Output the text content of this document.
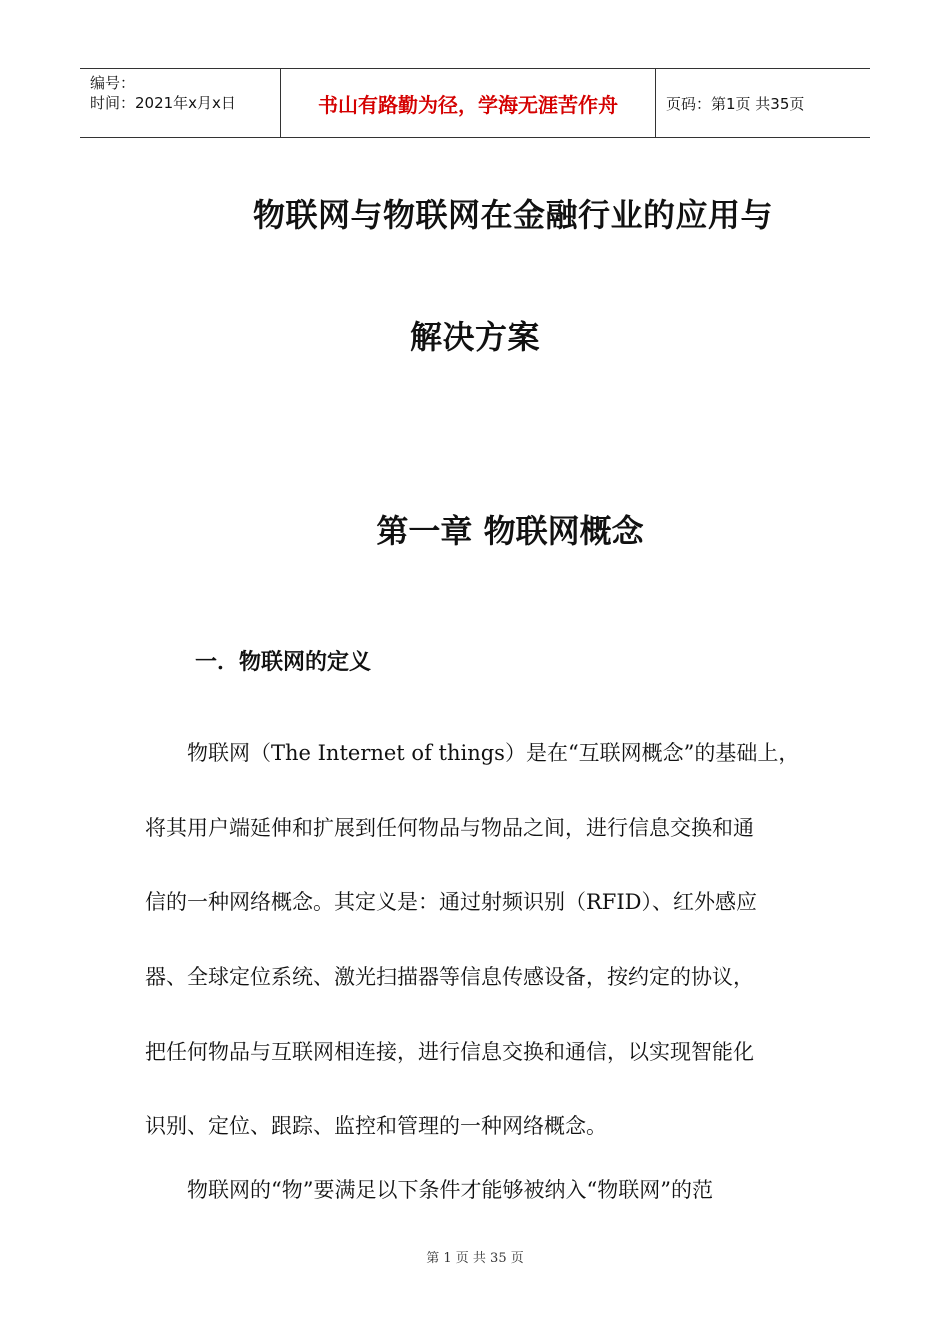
编号：
时间：2021年x月x日	书山有路勤为径，学海无涯苦作舟	页码：第1页 共35页
物联网与物联网在金融行业的应用与
解决方案
第一章 物联网概念
一．物联网的定义
　　物联网（The Internet of things）是在“互联网概念”的基础上，
将其用户端延伸和扩展到任何物品与物品之间，进行信息交换和通
信的一种网络概念。其定义是：通过射频识别（RFID）、红外感应
器、全球定位系统、激光扫描器等信息传感设备，按约定的协议，
把任何物品与互联网相连接，进行信息交换和通信，以实现智能化
识别、定位、跟踪、监控和管理的一种网络概念。
　　物联网的“物”要满足以下条件才能够被纳入“物联网”的范
第 1 页 共 35 页
